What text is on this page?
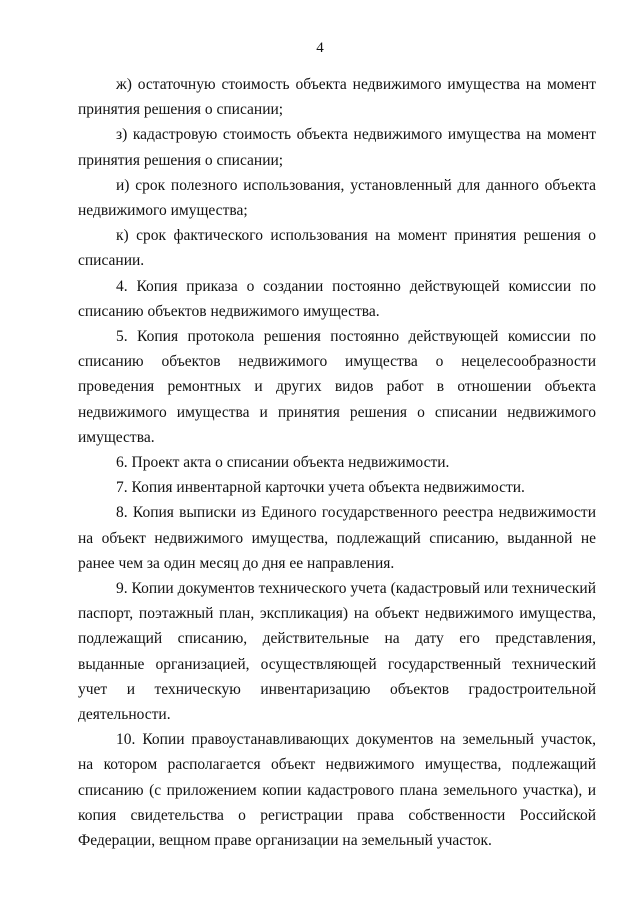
4

ж) остаточную стоимость объекта недвижимого имущества на момент принятия решения о списании;

з) кадастровую стоимость объекта недвижимого имущества на момент принятия решения о списании;

и) срок полезного использования, установленный для данного объекта недвижимого имущества;

к) срок фактического использования на момент принятия решения о списании.

4. Копия приказа о создании постоянно действующей комиссии по списанию объектов недвижимого имущества.

5. Копия протокола решения постоянно действующей комиссии по списанию объектов недвижимого имущества о нецелесообразности проведения ремонтных и других видов работ в отношении объекта недвижимого имущества и принятия решения о списании недвижимого имущества.

6. Проект акта о списании объекта недвижимости.

7. Копия инвентарной карточки учета объекта недвижимости.

8. Копия выписки из Единого государственного реестра недвижимости на объект недвижимого имущества, подлежащий списанию, выданной не ранее чем за один месяц до дня ее направления.

9. Копии документов технического учета (кадастровый или технический паспорт, поэтажный план, экспликация) на объект недвижимого имущества, подлежащий списанию, действительные на дату его представления, выданные организацией, осуществляющей государственный технический учет и техническую инвентаризацию объектов градостроительной деятельности.

10. Копии правоустанавливающих документов на земельный участок, на котором располагается объект недвижимого имущества, подлежащий списанию (с приложением копии кадастрового плана земельного участка), и копия свидетельства о регистрации права собственности Российской Федерации, вещном праве организации на земельный участок.
